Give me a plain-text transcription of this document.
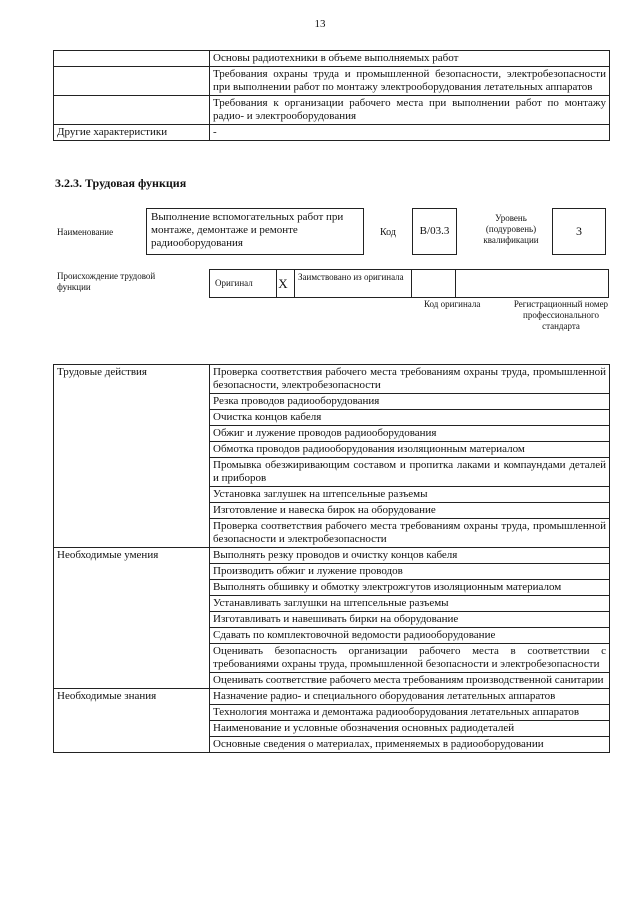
13
	Основы радиотехники в объеме выполняемых работ
	Требования охраны труда и промышленной безопасности, электробезопасности при выполнении работ по монтажу электрооборудования летательных аппаратов
	Требования к организации рабочего места при выполнении работ по монтажу радио- и электрооборудования
Другие характеристики	-
3.2.3. Трудовая функция
Наименование
Выполнение вспомогательных работ при монтаже, демонтаже и ремонте радиооборудования
Код B/03.3
Уровень (подуровень) квалификации
3
Происхождение трудовой функции	Оригинал X	Заимствовано из оригинала
Код оригинала	Регистрационный номер профессионального стандарта
Трудовые действия	Проверка соответствия рабочего места требованиям охраны труда, промышленной безопасности, электробезопасности
	Резка проводов радиооборудования
	Очистка концов кабеля
	Обжиг и лужение проводов радиооборудования
	Обмотка проводов радиооборудования изоляционным материалом
	Промывка обезжиривающим составом и пропитка лаками и компаундами деталей и приборов
	Установка заглушек на штепсельные разъемы
	Изготовление и навеска бирок на оборудование
	Проверка соответствия рабочего места требованиям охраны труда, промышленной безопасности и электробезопасности
Необходимые умения	Выполнять резку проводов и очистку концов кабеля
	Производить обжиг и лужение проводов
	Выполнять обшивку и обмотку электрожгутов изоляционным материалом
	Устанавливать заглушки на штепсельные разъемы
	Изготавливать и навешивать бирки на оборудование
	Сдавать по комплектовочной ведомости радиооборудование
	Оценивать безопасность организации рабочего места в соответствии с требованиями охраны труда, промышленной безопасности и электробезопасности
	Оценивать соответствие рабочего места требованиям производственной санитарии
Необходимые знания	Назначение радио- и специального оборудования летательных аппаратов
	Технология монтажа и демонтажа радиооборудования летательных аппаратов
	Наименование и условные обозначения основных радиодеталей
	Основные сведения о материалах, применяемых в радиооборудовании
